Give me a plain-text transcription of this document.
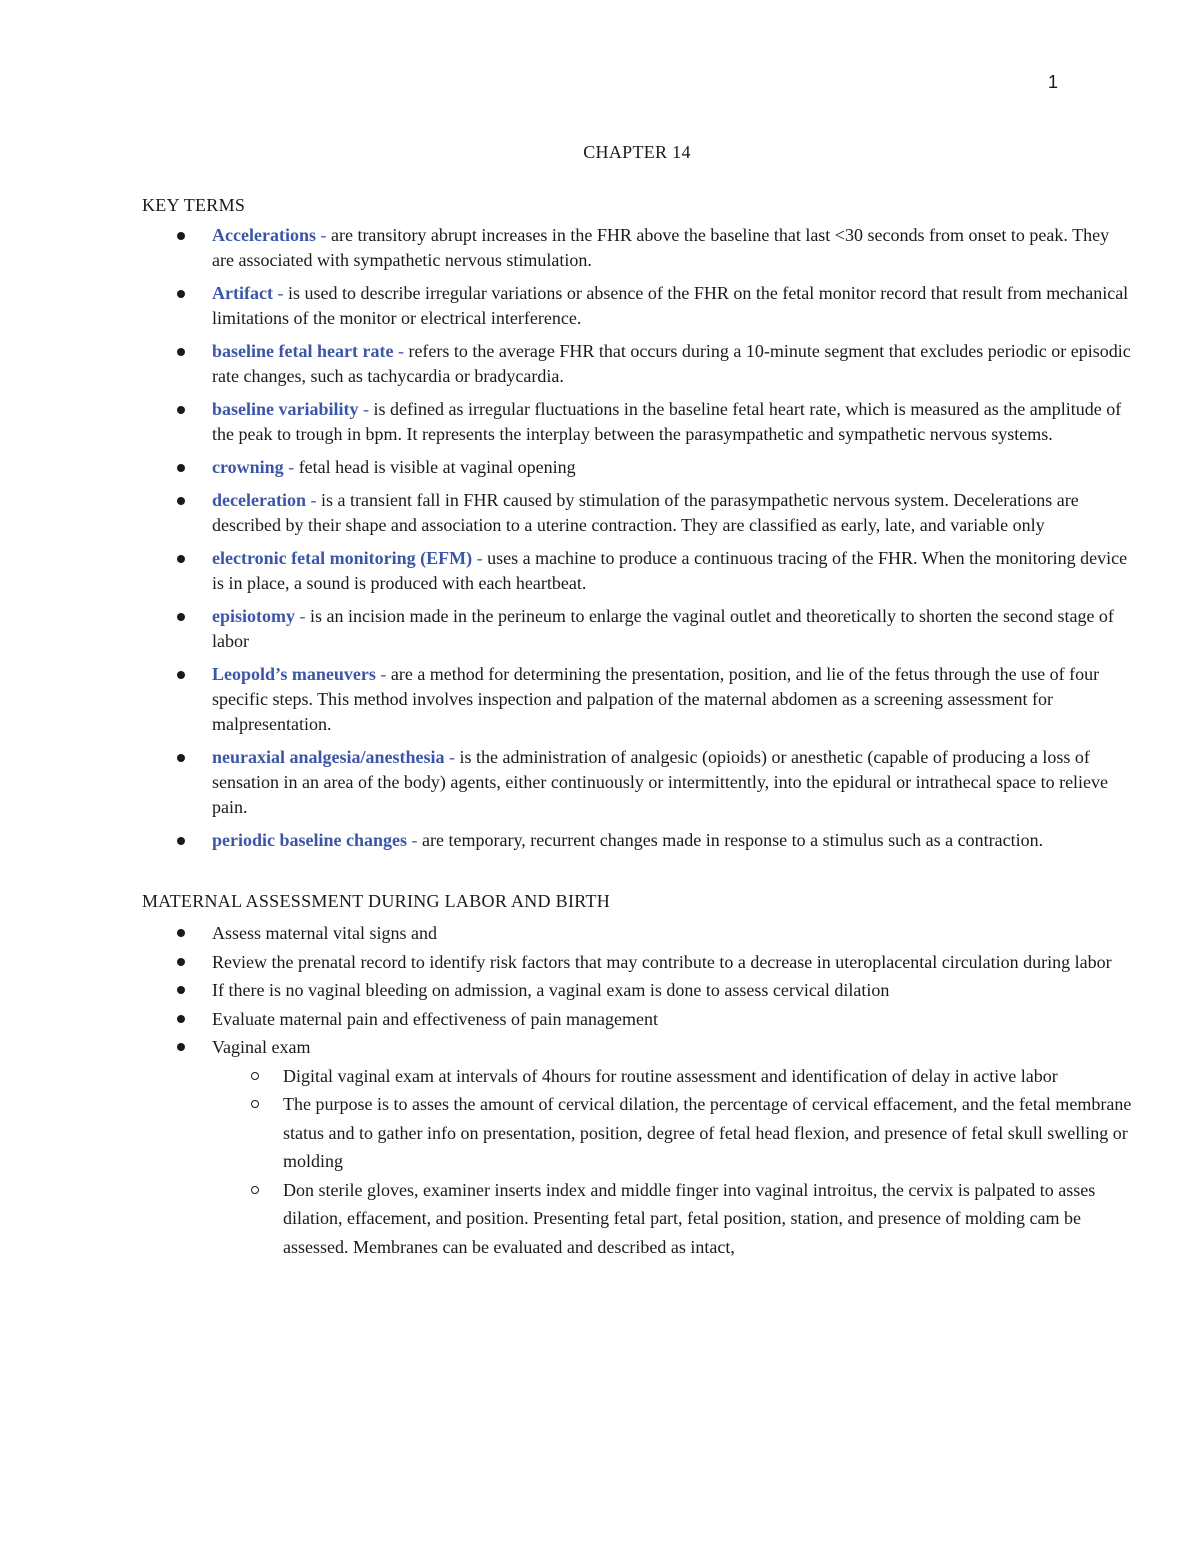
1
CHAPTER 14
KEY TERMS
Accelerations - are transitory abrupt increases in the FHR above the baseline that last <30 seconds from onset to peak. They are associated with sympathetic nervous stimulation.
Artifact - is used to describe irregular variations or absence of the FHR on the fetal monitor record that result from mechanical limitations of the monitor or electrical interference.
baseline fetal heart rate - refers to the average FHR that occurs during a 10-minute segment that excludes periodic or episodic rate changes, such as tachycardia or bradycardia.
baseline variability - is defined as irregular fluctuations in the baseline fetal heart rate, which is measured as the amplitude of the peak to trough in bpm. It represents the interplay between the parasympathetic and sympathetic nervous systems.
crowning - fetal head is visible at vaginal opening
deceleration - is a transient fall in FHR caused by stimulation of the parasympathetic nervous system. Decelerations are described by their shape and association to a uterine contraction. They are classified as early, late, and variable only
electronic fetal monitoring (EFM) - uses a machine to produce a continuous tracing of the FHR. When the monitoring device is in place, a sound is produced with each heartbeat.
episiotomy - is an incision made in the perineum to enlarge the vaginal outlet and theoretically to shorten the second stage of labor
Leopold’s maneuvers - are a method for determining the presentation, position, and lie of the fetus through the use of four specific steps. This method involves inspection and palpation of the maternal abdomen as a screening assessment for malpresentation.
neuraxial analgesia/anesthesia - is the administration of analgesic (opioids) or anesthetic (capable of producing a loss of sensation in an area of the body) agents, either continuously or intermittently, into the epidural or intrathecal space to relieve pain.
periodic baseline changes - are temporary, recurrent changes made in response to a stimulus such as a contraction.
MATERNAL ASSESSMENT DURING LABOR AND BIRTH
Assess maternal vital signs and
Review the prenatal record to identify risk factors that may contribute to a decrease in uteroplacental circulation during labor
If there is no vaginal bleeding on admission, a vaginal exam is done to assess cervical dilation
Evaluate maternal pain and effectiveness of pain management
Vaginal exam
Digital vaginal exam at intervals of 4hours for routine assessment and identification of delay in active labor
The purpose is to asses the amount of cervical dilation, the percentage of cervical effacement, and the fetal membrane status and to gather info on presentation, position, degree of fetal head flexion, and presence of fetal skull swelling or molding
Don sterile gloves, examiner inserts index and middle finger into vaginal introitus, the cervix is palpated to asses dilation, effacement, and position. Presenting fetal part, fetal position, station, and presence of molding cam be assessed. Membranes can be evaluated and described as intact,
